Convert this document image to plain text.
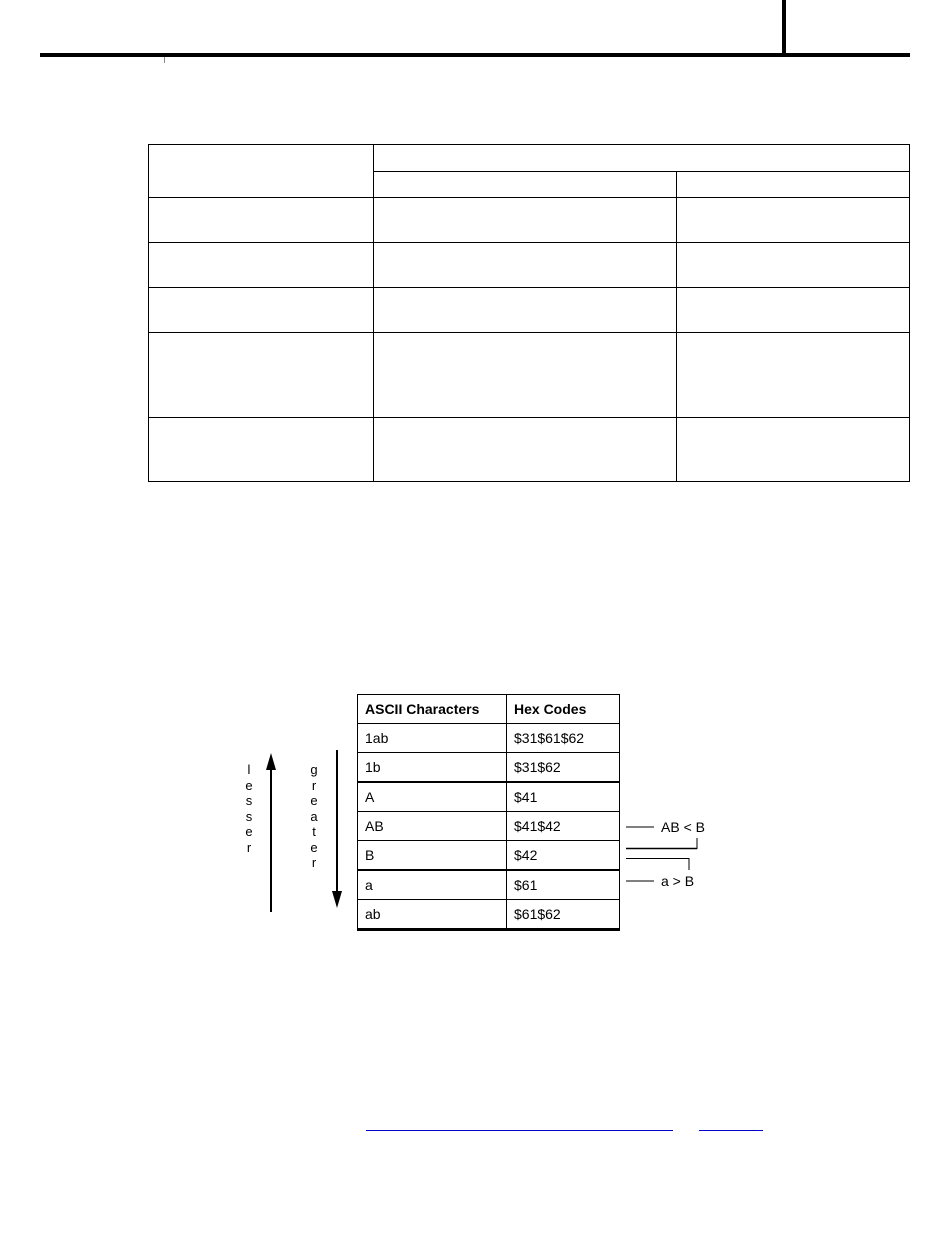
l
e
s
s
e
r
g
r
e
a
t
e
r
ASCII Characters	Hex Codes
1ab	$31$61$62
1b	$31$62
A	$41
AB	$41$42
B	$42
a	$61
ab	$61$62
AB < B
a > B
